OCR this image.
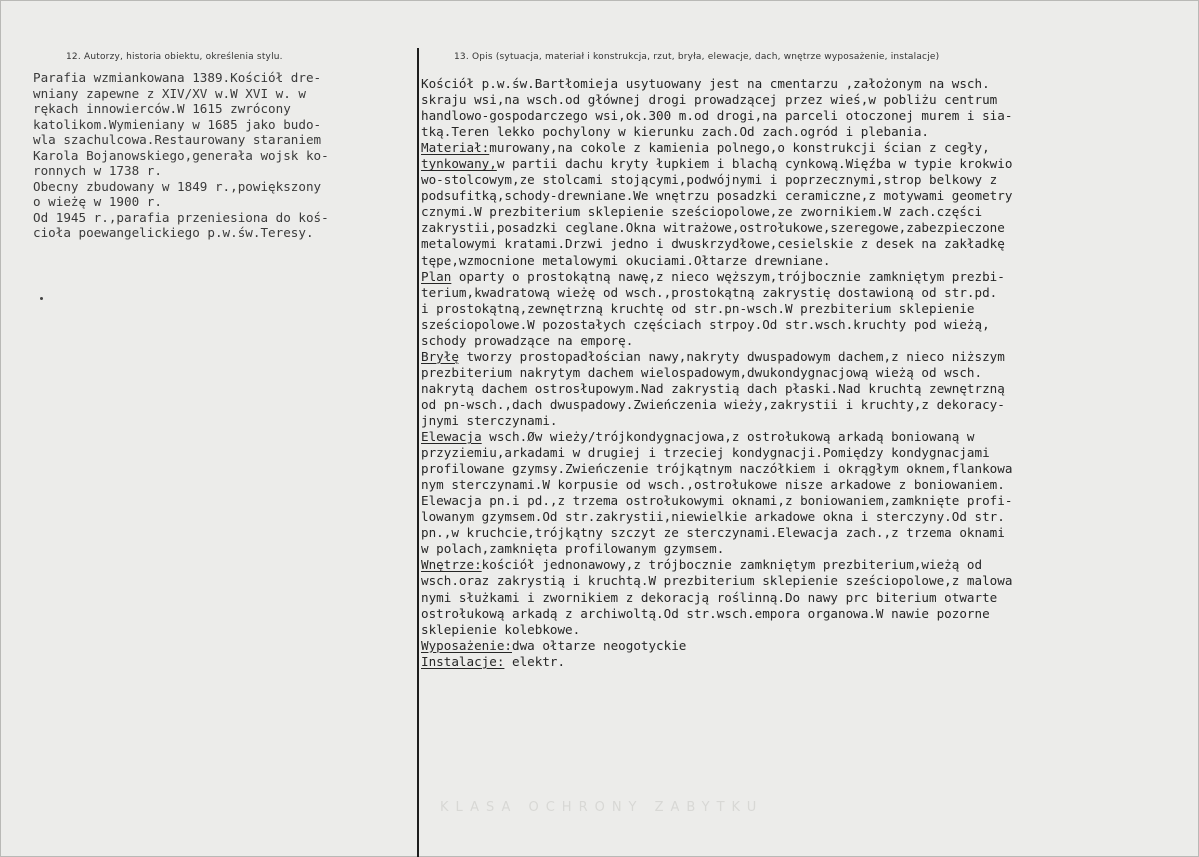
12. Autorzy, historia obiektu, określenia stylu.	13. Opis (sytuacja, materiał i konstrukcja, rzut, bryła, elewacje, dach, wnętrze wyposażenie, instalacje)
Parafia wzmiankowana 1389.Kościół dre-
wniany zapewne z XIV/XV w.W XVI w. w
rękach innowierców.W 1615 zwrócony
katolikom.Wymieniany w 1685 jako budo-
wla szachulcowa.Restaurowany staraniem
Karola Bojanowskiego,generała wojsk ko-
ronnych w 1738 r.
Obecny zbudowany w 1849 r.,powiększony
o wieżę w 1900 r.
Od 1945 r.,parafia przeniesiona do koś-
cioła poewangelickiego p.w.św.Teresy.
Kościół p.w.św.Bartłomieja usytuowany jest na cmentarzu ,założonym na wsch.
skraju wsi,na wsch.od głównej drogi prowadzącej przez wieś,w pobliżu centrum
handlowo-gospodarczego wsi,ok.300 m.od drogi,na parceli otoczonej murem i sia-
tką.Teren lekko pochylony w kierunku zach.Od zach.ogród i plebania.
Materiał:murowany,na cokole z kamienia polnego,o konstrukcji ścian z cegły,
tynkowany,w partii dachu kryty łupkiem i blachą cynkową.Więźba w typie krokwio
wo-stolcowym,ze stolcami stojącymi,podwójnymi i poprzecznymi,strop belkowy z
podsufitką,schody-drewniane.We wnętrzu posadzki ceramiczne,z motywami geometry
cznymi.W prezbiterium sklepienie sześciopolowe,ze zwornikiem.W zach.części
zakrystii,posadzki ceglane.Okna witrażowe,ostrołukowe,szeregowe,zabezpieczone
metalowymi kratami.Drzwi jedno i dwuskrzydłowe,cesielskie z desek na zakładkę
tępe,wzmocnione metalowymi okuciami.Ołtarze drewniane.
Plan oparty o prostokątną nawę,z nieco węższym,trójbocznie zamkniętym prezbi-
terium,kwadratową wieżę od wsch.,prostokątną zakrystię dostawioną od str.pd.
i prostokątną,zewnętrzną kruchtę od str.pn-wsch.W prezbiterium sklepienie
sześciopolowe.W pozostałych częściach strpoy.Od str.wsch.kruchty pod wieżą,
schody prowadzące na emporę.
Bryłę tworzy prostopadłościan nawy,nakryty dwuspadowym dachem,z nieco niższym
prezbiterium nakrytym dachem wielospadowym,dwukondygnacjową wieżą od wsch.
nakrytą dachem ostrosłupowym.Nad zakrystią dach płaski.Nad kruchtą zewnętrzną
od pn-wsch.,dach dwuspadowy.Zwieńczenia wieży,zakrystii i kruchty,z dekoracy-
jnymi sterczynami.
Elewacja wsch.Øw wieży/trójkondygnacjowa,z ostrołukową arkadą boniowaną w
przyziemiu,arkadami w drugiej i trzeciej kondygnacji.Pomiędzy kondygnacjami
profilowane gzymsy.Zwieńczenie trójkątnym naczółkiem i okrągłym oknem,flankowa
nym sterczynami.W korpusie od wsch.,ostrołukowe nisze arkadowe z boniowaniem.
Elewacja pn.i pd.,z trzema ostrołukowymi oknami,z boniowaniem,zamknięte profi-
lowanym gzymsem.Od str.zakrystii,niewielkie arkadowe okna i sterczyny.Od str.
pn.,w kruchcie,trójkątny szczyt ze sterczynami.Elewacja zach.,z trzema oknami
w polach,zamknięta profilowanym gzymsem.
Wnętrze:kościół jednonawowy,z trójbocznie zamkniętym prezbiterium,wieżą od
wsch.oraz zakrystią i kruchtą.W prezbiterium sklepienie sześciopolowe,z malowa
nymi służkami i zwornikiem z dekoracją roślinną.Do nawy prc biterium otwarte
ostrołukową arkadą z archiwoltą.Od str.wsch.empora organowa.W nawie pozorne
sklepienie kolebkowe.
Wyposażenie:dwa ołtarze neogotyckie
Instalacje: elektr.
KLASA OCHRONY ZABYTKU
